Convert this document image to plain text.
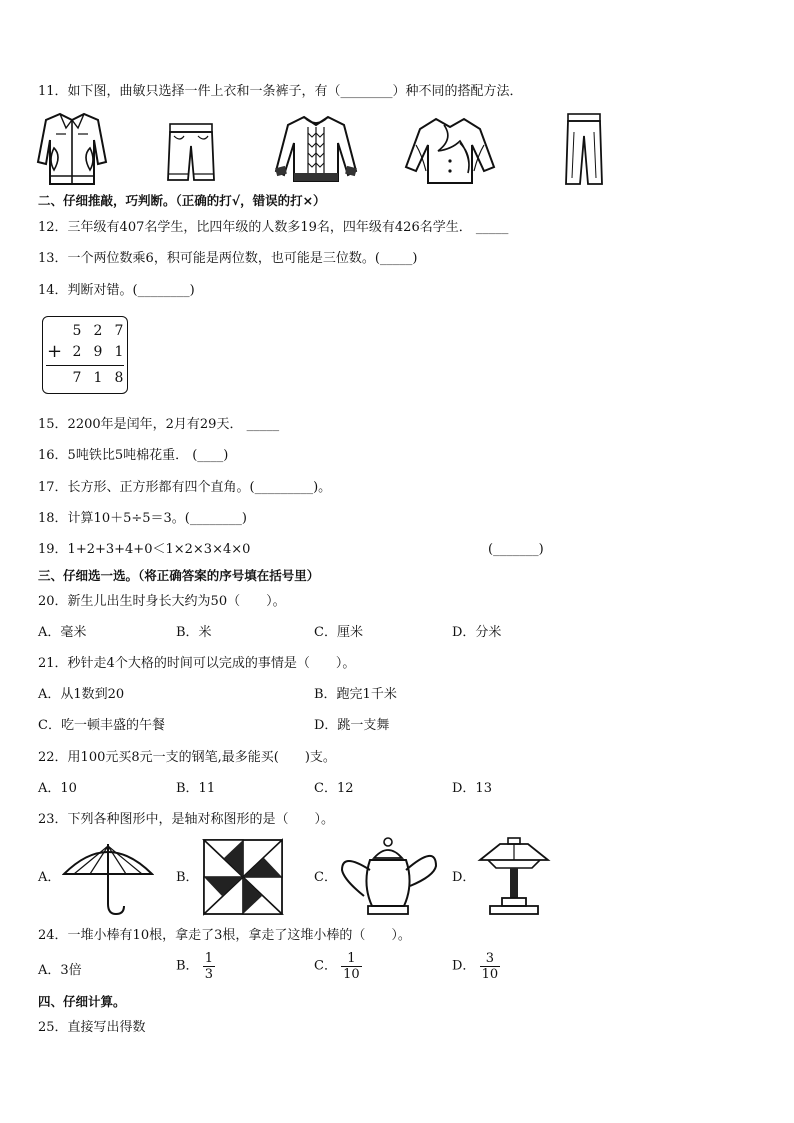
11．如下图，曲敏只选择一件上衣和一条裤子，有（________）种不同的搭配方法．
二、仔细推敲，巧判断。（正确的打√，错误的打×）
12．三年级有407名学生，比四年级的人数多19名，四年级有426名学生． _____
13．一个两位数乘6，积可能是两位数，也可能是三位数。(_____)
14．判断对错。(________)
5 2 7
+ 2 9 1
7 1 8
15．2200年是闰年，2月有29天． _____
16．5吨铁比5吨棉花重． (____)
17．长方形、正方形都有四个直角。(_________)。
18．计算10＋5÷5＝3。(________)
19．1+2+3+4+0＜1×2×3×4×0	(_______)
三、仔细选一选。（将正确答案的序号填在括号里）
20．新生儿出生时身长大约为50（　　）。
A．毫米	B．米	C．厘米	D．分米
21．秒针走4个大格的时间可以完成的事情是（　　）。
A．从1数到20	B．跑完1千米
C．吃一顿丰盛的午餐	D．跳一支舞
22．用100元买8元一支的钢笔,最多能买(　　)支。
A．10	B．11	C．12	D．13
23．下列各种图形中，是轴对称图形的是（　　）。
A．	B．	C．	D．
24．一堆小棒有10根，拿走了3根，拿走了这堆小棒的（　　）。
A．3倍	B． $\frac{1}{3}$	C． $\frac{1}{10}$	D． $\frac{3}{10}$
四、仔细计算。
25．直接写出得数
